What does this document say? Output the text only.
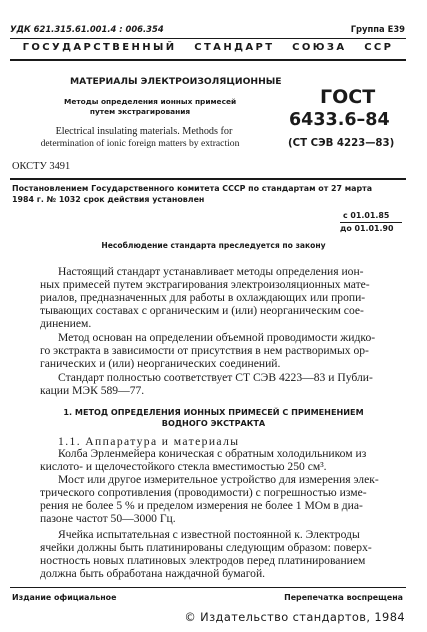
УДК 621.315.61.001.4 : 006.354	Группа Е39
ГОСУДАРСТВЕННЫЙ   СТАНДАРТ   СОЮЗА   ССР
МАТЕРИАЛЫ ЭЛЕКТРОИЗОЛЯЦИОННЫЕ
Методы определения ионных примесей
путем экстрагирования
Electrical insulating materials. Methods for
determination of ionic foreign matters by extraction
ГОСТ
6433.6–84
(СТ СЭВ 4223—83)
ОКСТУ 3491
Постановлением Государственного комитета СССР по стандартам от 27 марта
1984 г. № 1032 срок действия установлен
с 01.01.85
до 01.01.90
Несоблюдение стандарта преследуется по закону
Настоящий стандарт устанавливает методы определения ион-
ных примесей путем экстрагирования электроизоляционных мате-
риалов, предназначенных для работы в охлаждающих или пропи-
тывающих составах с органическим и (или) неорганическим сое-
динением.
Метод основан на определении объемной проводимости жидко-
го экстракта в зависимости от присутствия в нем растворимых ор-
ганических и (или) неорганических соединений.
Стандарт полностью соответствует СТ СЭВ 4223—83 и Публи-
кации МЭК 589—77.
1. МЕТОД ОПРЕДЕЛЕНИЯ ИОННЫХ ПРИМЕСЕЙ С ПРИМЕНЕНИЕМ
ВОДНОГО ЭКСТРАКТА
1.1. Аппаратура и материалы
Колба Эрленмейера коническая с обратным холодильником из
кислото- и щелочестойкого стекла вместимостью 250 см³.
Мост или другое измерительное устройство для измерения элек-
трического сопротивления (проводимости) с погрешностью изме-
рения не более 5 % и пределом измерения не более 1 МОм в диа-
пазоне частот 50—3000 Гц.
Ячейка испытательная с известной постоянной к. Электроды
ячейки должны быть платинированы следующим образом: поверх-
ностность новых платиновых электродов перед платинированием
должна быть обработана наждачной бумагой.
Издание официальное	Перепечатка воспрещена
© Издательство стандартов, 1984
